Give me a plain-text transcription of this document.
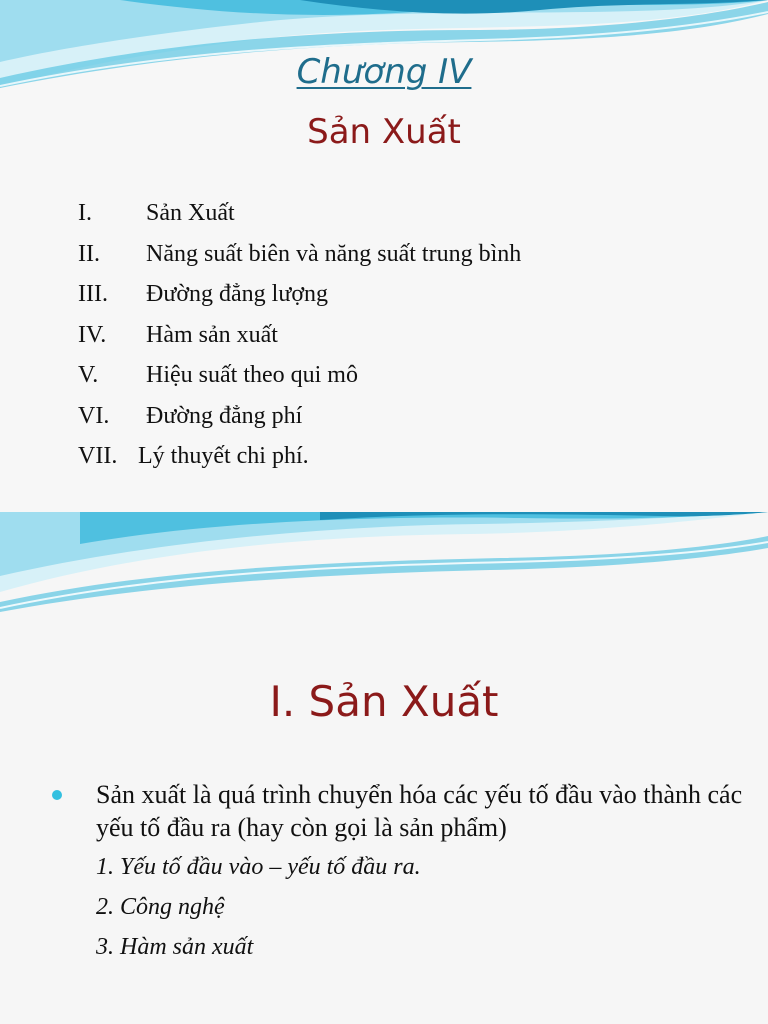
Chương IV
Sản Xuất
I. Sản Xuất
II. Năng suất biên và năng suất trung bình
III. Đường đẳng lượng
IV. Hàm sản xuất
V. Hiệu suất theo qui mô
VI. Đường đẳng phí
VII. Lý thuyết chi phí.
I. Sản Xuất
Sản xuất là quá trình chuyển hóa các yếu tố đầu vào thành các yếu tố đầu ra (hay còn gọi là sản phẩm)
1. Yếu tố đầu vào – yếu tố đầu ra.
2. Công nghệ
3. Hàm sản xuất
